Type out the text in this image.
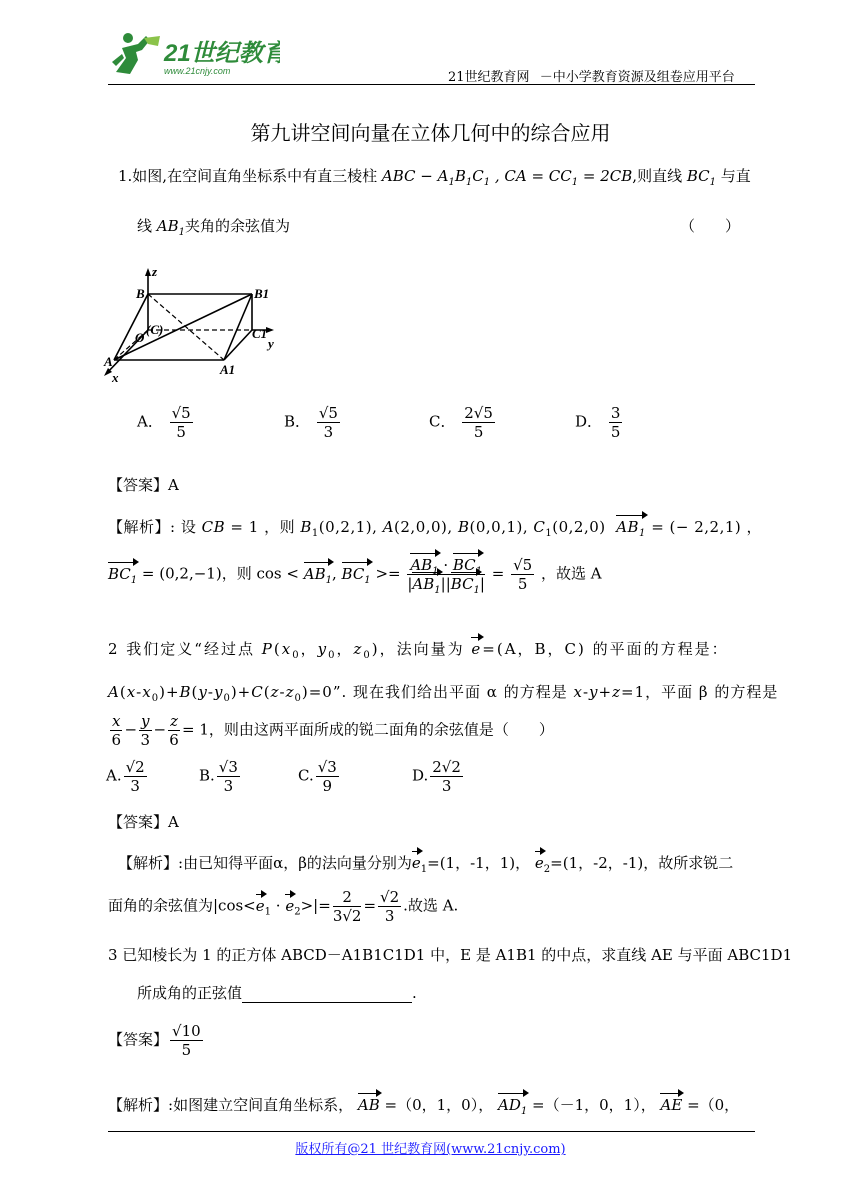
21世纪教育
www.21cnjy.com	21世纪教育网 －中小学教育资源及组卷应用平台
第九讲空间向量在立体几何中的综合应用
1.如图,在空间直角坐标系中有直三棱柱 ABC − $A_1B_1C_1$ , CA = $CC_1 = 2CB$,则直线 $BC_1$ 与直
线 $AB_1$夹角的余弦值为	（　　）
z
B	B1
O
(C)	C1
y
A
x
A1
A． $\frac{√5}{5}$	B． $\frac{√5}{3}$	C． $\frac{2√5}{5}$	D． $\frac{3}{5}$
【答案】A
【解析】: 设 CB = 1 ，则 $B_1(0,2,1)$, A(2,0,0), B(0,0,1), $C_1(0,2,0) AB_1$ = (− 2,2,1) ，
$BC_1 = (0,2,-1)$，则 $\cos < AB_1$, $BC_1 >= \frac{AB_1 \cdot BC_1}{|AB_1||BC_1|} = \frac{√5}{5}$ ，故选 A
2 我们定义“经过点 $P(x_0$，$y_0$，$z_0$)，法向量为 e=(A，B，C) 的平面的方程是：
$A(x-x_0)+B(y-y_0)+C(z-z_0)=0$”. 现在我们给出平面 α 的方程是 x-y+z=1，平面 β 的方程是
$\frac{x}{6} - \frac{y}{3} - \frac{z}{6} = 1$，则由这两平面所成的锐二面角的余弦值是（　　）
A. $\frac{√2}{3}$	B. $\frac{√3}{3}$	C. $\frac{√3}{9}$	D. $\frac{2√2}{3}$
【答案】A
【解析】:由已知得平面α，β的法向量分别为$e_1=(1$，-1，1)， $e_2=(1$，-2，-1)，故所求锐二
面角的余弦值为$|\cos<e_1 \cdot e_2>|= \frac{2}{3√2} = \frac{√2}{3}$ .故选 A.
3 已知棱长为 1 的正方体 ABCD－A1B1C1D1 中，E 是 A1B1 的中点，求直线 AE 与平面 ABC1D1
所成角的正弦值	.
【答案】 $\frac{√10}{5}$
【解析】:如图建立空间直角坐标系， AB =（0，1，0）， $AD_1 =(-1$，0，1）， AE =（0，
版权所有@21 世纪教育网(www.21cnjy.com)
